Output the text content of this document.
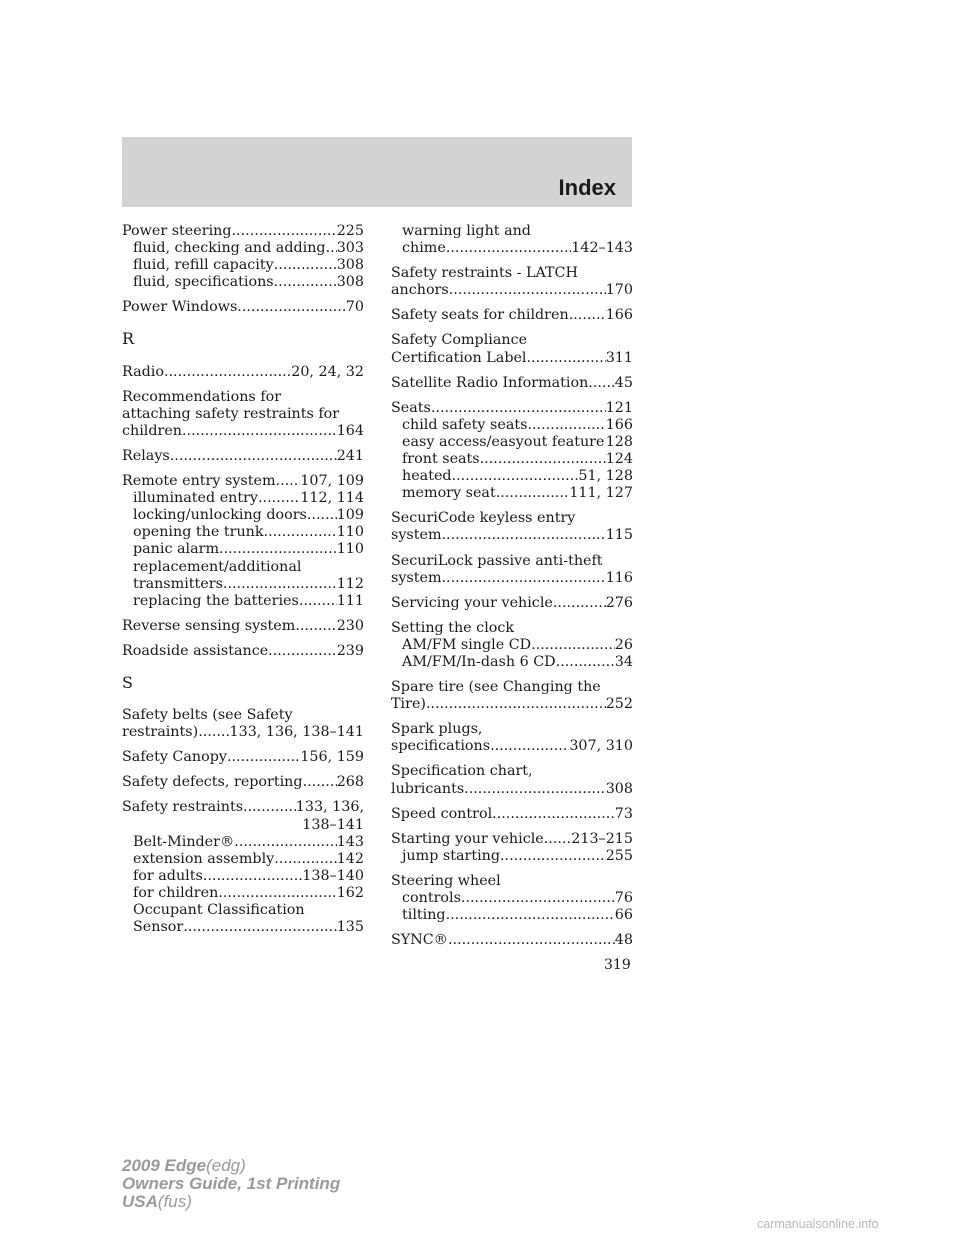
Index
Power steering .....	225
fluid, checking and adding ..... 303
fluid, refill capacity .....	308
fluid, specifications .....	308
Power Windows .....	70
R
Radio .....	20, 24, 32
Recommendations for
attaching safety restraints for
children .....	164
Relays .....	241
Remote entry system ..... 107, 109
illuminated entry .....	112, 114
locking/unlocking doors ..... 109
opening the trunk .....	110
panic alarm .....	110
replacement/additional
transmitters .....	112
replacing the batteries .....	111
Reverse sensing system .....	230
Roadside assistance .....	239
S
Safety belts (see Safety
restraints) ..... 133, 136, 138–141
Safety Canopy .....	156, 159
Safety defects, reporting ..... 268
Safety restraints .....	133, 136,
138–141
Belt-Minder® .....	143
extension assembly .....	142
for adults .....	138–140
for children .....	162
Occupant Classification
Sensor .....	135
warning light and
chime .....	142–143
Safety restraints - LATCH
anchors .....	170
Safety seats for children .....	166
Safety Compliance
Certification Label .....	311
Satellite Radio Information ..... 45
Seats .....	121
child safety seats .....	166
easy access/easyout feature ..... 128
front seats .....	124
heated .....	51, 128
memory seat .....	111, 127
SecuriCode keyless entry
system .....	115
SecuriLock passive anti-theft
system .....	116
Servicing your vehicle .....	276
Setting the clock
AM/FM single CD .....	26
AM/FM/In-dash 6 CD .....	34
Spare tire (see Changing the
Tire) .....	252
Spark plugs,
specifications .....	307, 310
Specification chart,
lubricants .....	308
Speed control .....	73
Starting your vehicle ..... 213–215
jump starting .....	255
Steering wheel
controls .....	76
tilting .....	66
SYNC® .....	48
319
2009 Edge(edg)
Owners Guide, 1st Printing
USA(fus)
carmanualsonline.info
